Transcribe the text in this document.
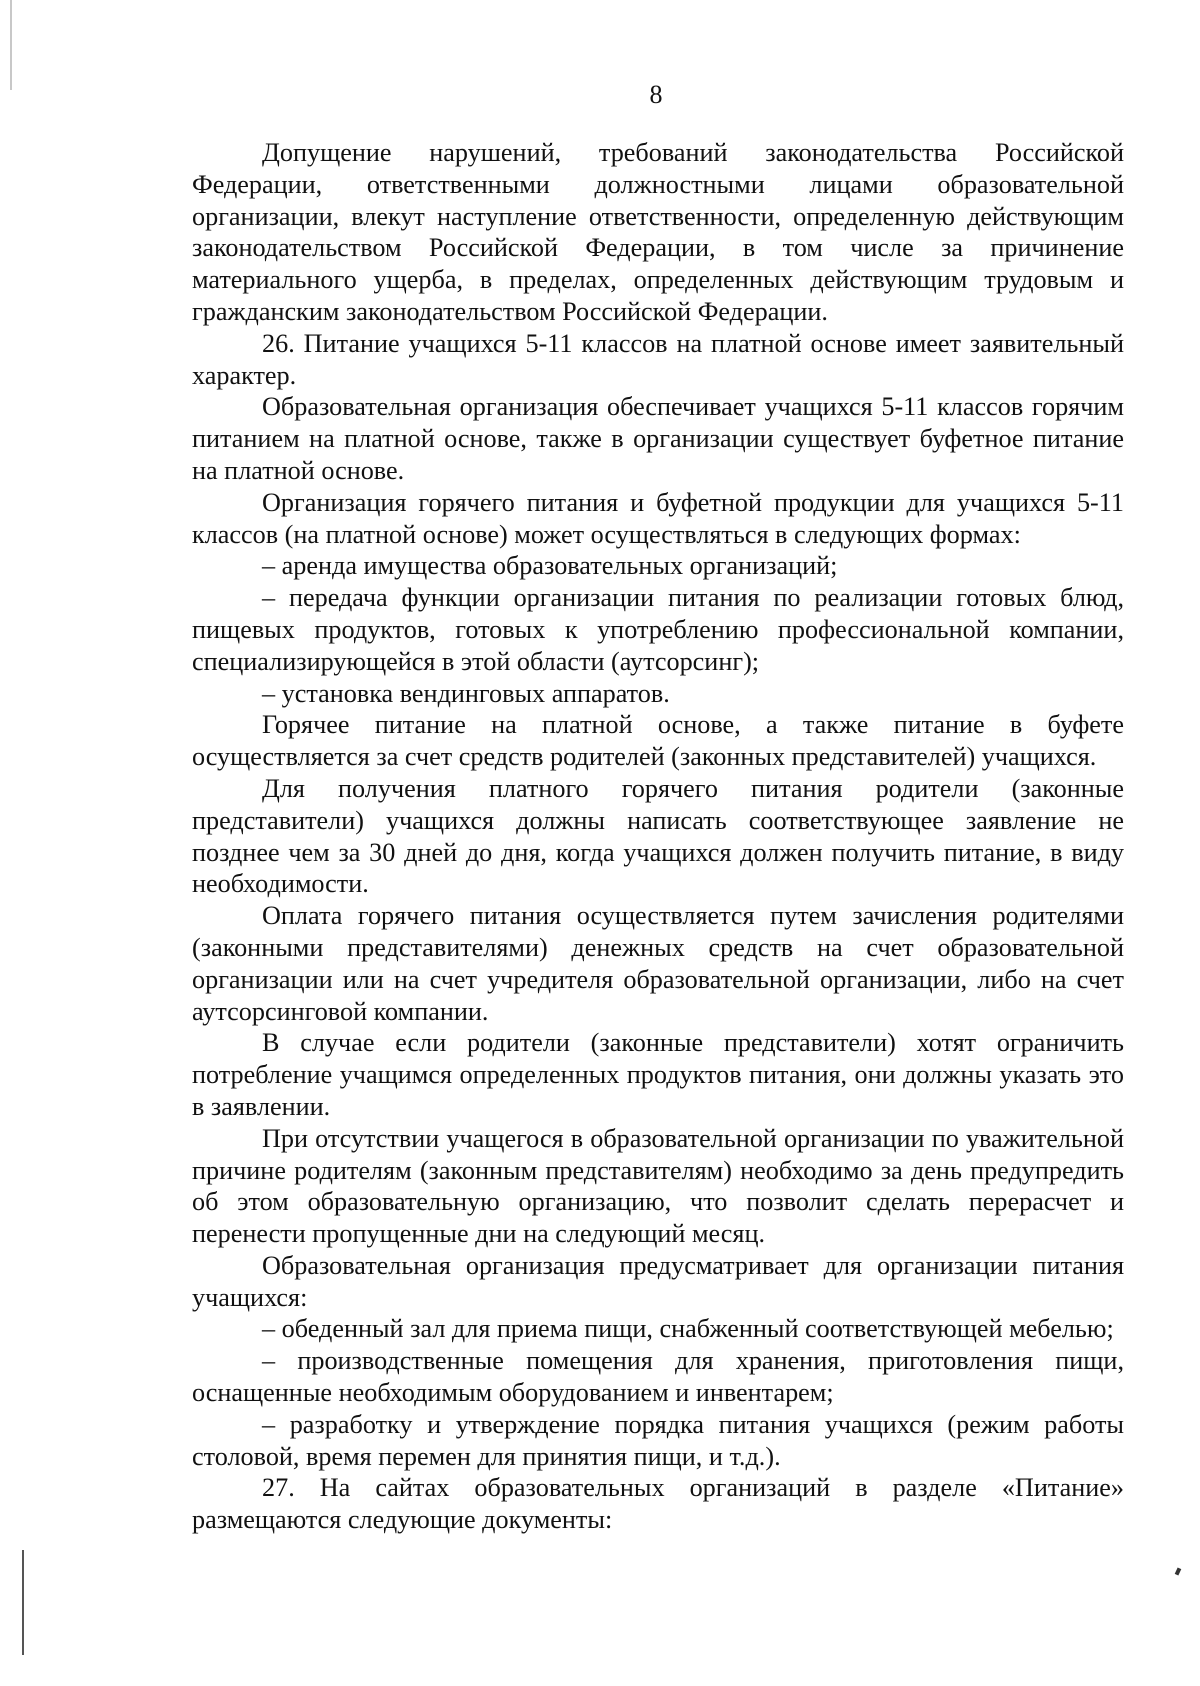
8

Допущение нарушений, требований законодательства Российской Федерации, ответственными должностными лицами образовательной организации, влекут наступление ответственности, определенную действующим законодательством Российской Федерации, в том числе за причинение материального ущерба, в пределах, определенных действующим трудовым и гражданским законодательством Российской Федерации.

26. Питание учащихся 5-11 классов на платной основе имеет заявительный характер.

Образовательная организация обеспечивает учащихся 5-11 классов горячим питанием на платной основе, также в организации существует буфетное питание на платной основе.

Организация горячего питания и буфетной продукции для учащихся 5-11 классов (на платной основе) может осуществляться в следующих формах:

– аренда имущества образовательных организаций;

– передача функции организации питания по реализации готовых блюд, пищевых продуктов, готовых к употреблению профессиональной компании, специализирующейся в этой области (аутсорсинг);

– установка вендинговых аппаратов.

Горячее питание на платной основе, а также питание в буфете осуществляется за счет средств родителей (законных представителей) учащихся.

Для получения платного горячего питания родители (законные представители) учащихся должны написать соответствующее заявление не позднее чем за 30 дней до дня, когда учащихся должен получить питание, в виду необходимости.

Оплата горячего питания осуществляется путем зачисления родителями (законными представителями) денежных средств на счет образовательной организации или на счет учредителя образовательной организации, либо на счет аутсорсинговой компании.

В случае если родители (законные представители) хотят ограничить потребление учащимся определенных продуктов питания, они должны указать это в заявлении.

При отсутствии учащегося в образовательной организации по уважительной причине родителям (законным представителям) необходимо за день предупредить об этом образовательную организацию, что позволит сделать перерасчет и перенести пропущенные дни на следующий месяц.

Образовательная организация предусматривает для организации питания учащихся:

– обеденный зал для приема пищи, снабженный соответствующей мебелью;

– производственные помещения для хранения, приготовления пищи, оснащенные необходимым оборудованием и инвентарем;

– разработку и утверждение порядка питания учащихся (режим работы столовой, время перемен для принятия пищи, и т.д.).

27. На сайтах образовательных организаций в разделе «Питание» размещаются следующие документы:
